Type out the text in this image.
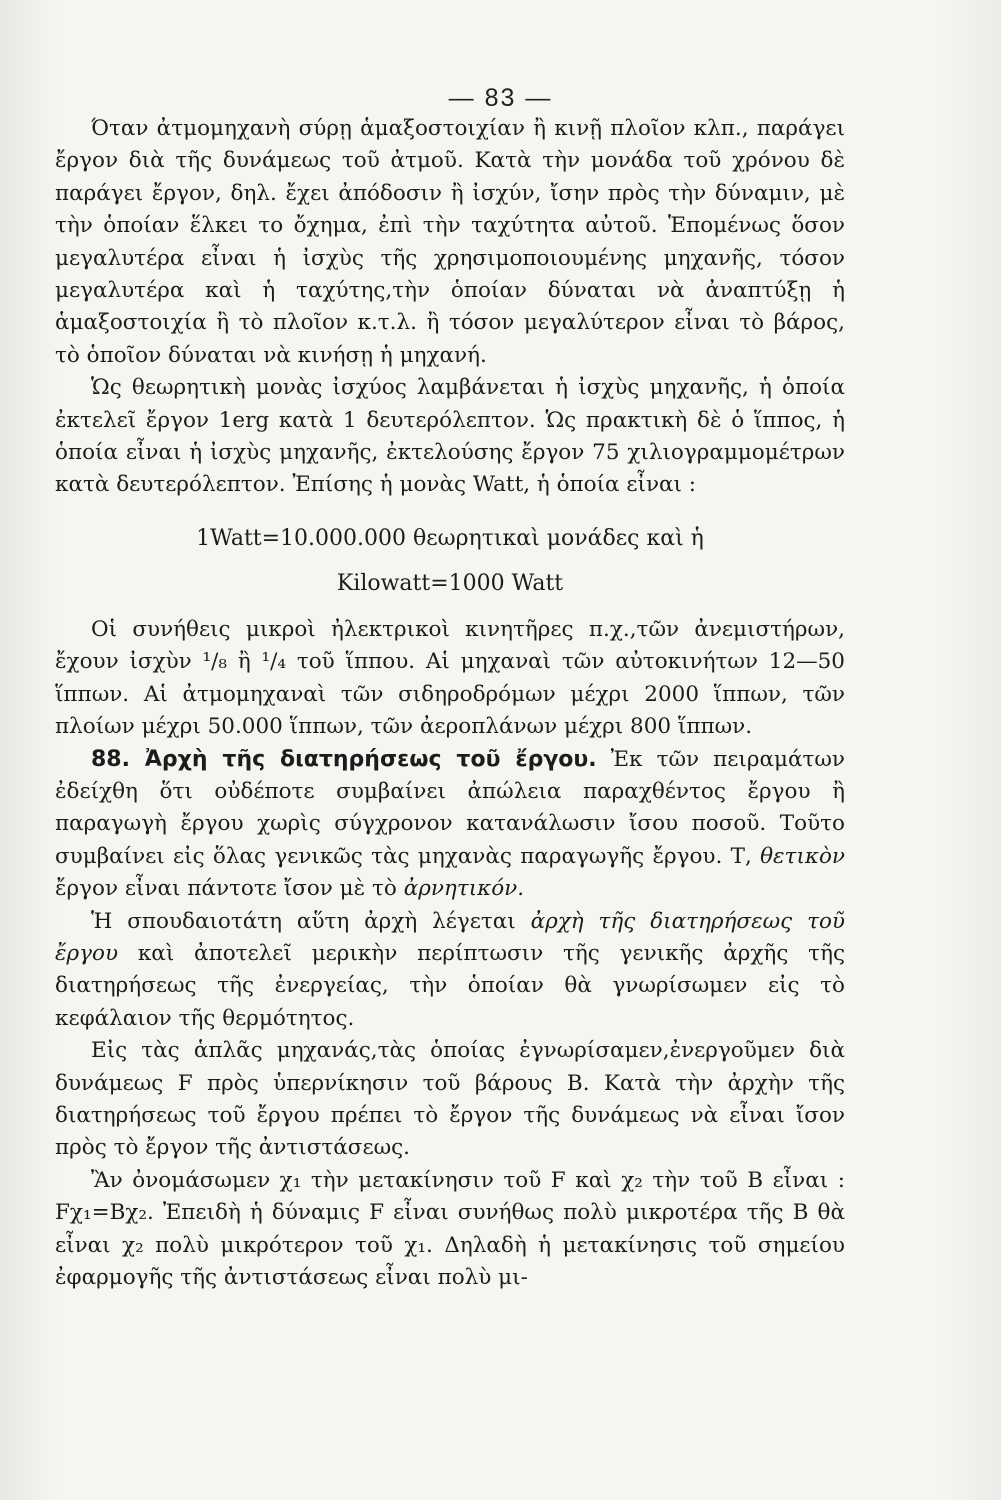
— 83 —

Όταν ἀτμομηχανὴ σύρῃ ἁμαξοστοιχίαν ἢ κινῇ πλοῖον κλπ., παράγει ἔργον διὰ τῆς δυνάμεως τοῦ ἀτμοῦ. Κατὰ τὴν μονάδα τοῦ χρόνου δὲ παράγει ἔργον, δηλ. ἔχει ἀπόδοσιν ἢ ἰσχύν, ἴσην πρὸς τὴν δύναμιν, μὲ τὴν ὁποίαν ἕλκει το ὄχημα, ἐπὶ τὴν ταχύτητα αὐτοῦ. Ἑπομένως ὅσον μεγαλυτέρα εἶναι ἡ ἰσχὺς τῆς χρησιμοποιουμένης μηχανῆς, τόσον μεγαλυτέρα καὶ ἡ ταχύτης,τὴν ὁποίαν δύναται νὰ ἀναπτύξῃ ἡ ἁμαξοστοιχία ἢ τὸ πλοῖον κ.τ.λ. ἢ τόσον μεγαλύτερον εἶναι τὸ βάρος, τὸ ὁποῖον δύναται νὰ κινήσῃ ἡ μηχανή.

Ὡς θεωρητικὴ μονὰς ἰσχύος λαμβάνεται ἡ ἰσχὺς μηχανῆς, ἡ ὁποία ἐκτελεῖ ἔργον 1erg κατὰ 1 δευτερόλεπτον. Ὡς πρακτικὴ δὲ ὁ ἵππος, ἡ ὁποία εἶναι ἡ ἰσχὺς μηχανῆς, ἐκτελούσης ἔργον 75 χιλιογραμμομέτρων κατὰ δευτερόλεπτον. Ἐπίσης ἡ μονὰς Watt, ἡ ὁποία εἶναι :

1Watt=10.000.000 θεωρητικαὶ μονάδες καὶ ἡ

Kilowatt=1000 Watt

Οἱ συνήθεις μικροὶ ἠλεκτρικοὶ κινητῆρες π.χ.,τῶν ἀνεμιστήρων, ἔχουν ἰσχὺν ¹/₈ ἢ ¹/₄ τοῦ ἵππου. Αἱ μηχαναὶ τῶν αὐτοκινήτων 12—50 ἵππων. Αἱ ἀτμομηχαναὶ τῶν σιδηροδρόμων μέχρι 2000 ἵππων, τῶν πλοίων μέχρι 50.000 ἵππων, τῶν ἀεροπλάνων μέχρι 800 ἵππων.

88. Ἀρχὴ τῆς διατηρήσεως τοῦ ἔργου. Ἐκ τῶν πειραμάτων ἐδείχθη ὅτι οὐδέποτε συμβαίνει ἀπώλεια παραχθέντος ἔργου ἢ παραγωγὴ ἔργου χωρὶς σύγχρονον κατανάλωσιν ἴσου ποσοῦ. Τοῦτο συμβαίνει εἰς ὅλας γενικῶς τὰς μηχανὰς παραγωγῆς ἔργου. Τ, θετικὸν ἔργον εἶναι πάντοτε ἴσον μὲ τὸ ἀρνητικόν.

Ἡ σπουδαιοτάτη αὕτη ἀρχὴ λέγεται ἀρχὴ τῆς διατηρήσεως τοῦ ἔργου καὶ ἀποτελεῖ μερικὴν περίπτωσιν τῆς γενικῆς ἀρχῆς τῆς διατηρήσεως τῆς ἐνεργείας, τὴν ὁποίαν θὰ γνωρίσωμεν εἰς τὸ κεφάλαιον τῆς θερμότητος.

Εἰς τὰς ἁπλᾶς μηχανάς,τὰς ὁποίας ἐγνωρίσαμεν,ἐνεργοῦμεν διὰ δυνάμεως F πρὸς ὑπερνίκησιν τοῦ βάρους Β. Κατὰ τὴν ἀρχὴν τῆς διατηρήσεως τοῦ ἔργου πρέπει τὸ ἔργον τῆς δυνάμεως νὰ εἶναι ἴσον πρὸς τὸ ἔργον τῆς ἀντιστάσεως.

Ἂν ὀνομάσωμεν χ₁ τὴν μετακίνησιν τοῦ F καὶ χ₂ τὴν τοῦ Β εἶναι : Fχ₁=Βχ₂. Ἐπειδὴ ἡ δύναμις F εἶναι συνήθως πολὺ μικροτέρα τῆς Β θὰ εἶναι χ₂ πολὺ μικρότερον τοῦ χ₁. Δηλαδὴ ἡ μετακίνησις τοῦ σημείου ἐφαρμογῆς τῆς ἀντιστάσεως εἶναι πολὺ μι-
